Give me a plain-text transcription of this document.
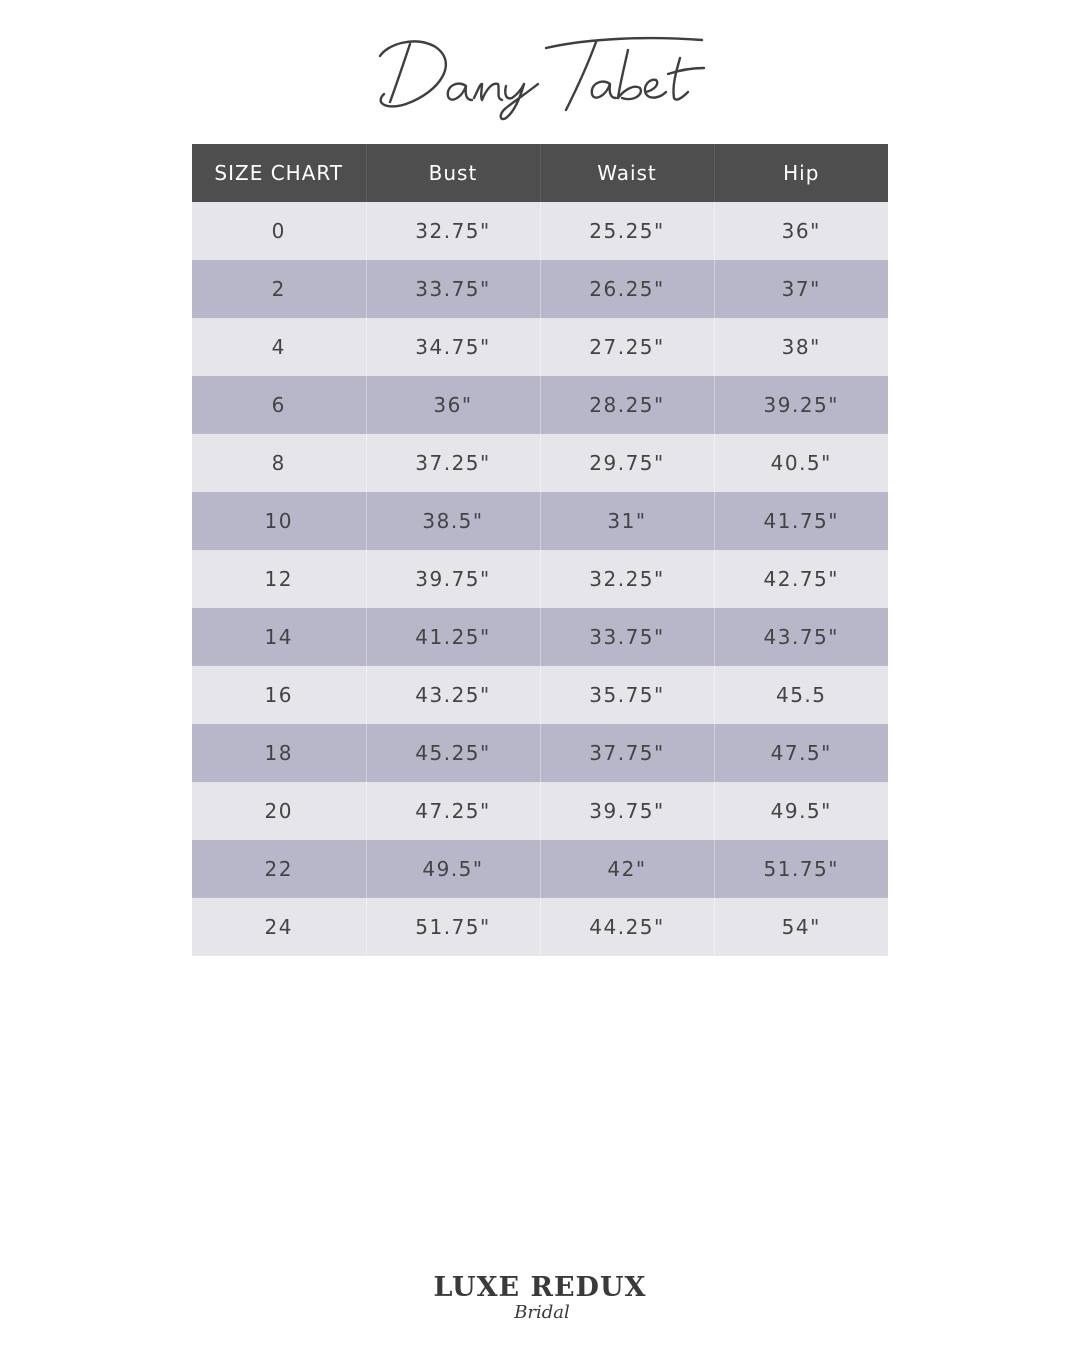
SIZE CHART	Bust	Waist	Hip
0	32.75"	25.25"	36"
2	33.75"	26.25"	37"
4	34.75"	27.25"	38"
6	36"	28.25"	39.25"
8	37.25"	29.75"	40.5"
10	38.5"	31"	41.75"
12	39.75"	32.25"	42.75"
14	41.25"	33.75"	43.75"
16	43.25"	35.75"	45.5
18	45.25"	37.75"	47.5"
20	47.25"	39.75"	49.5"
22	49.5"	42"	51.75"
24	51.75"	44.25"	54"
LUXE REDUX
Bridal
